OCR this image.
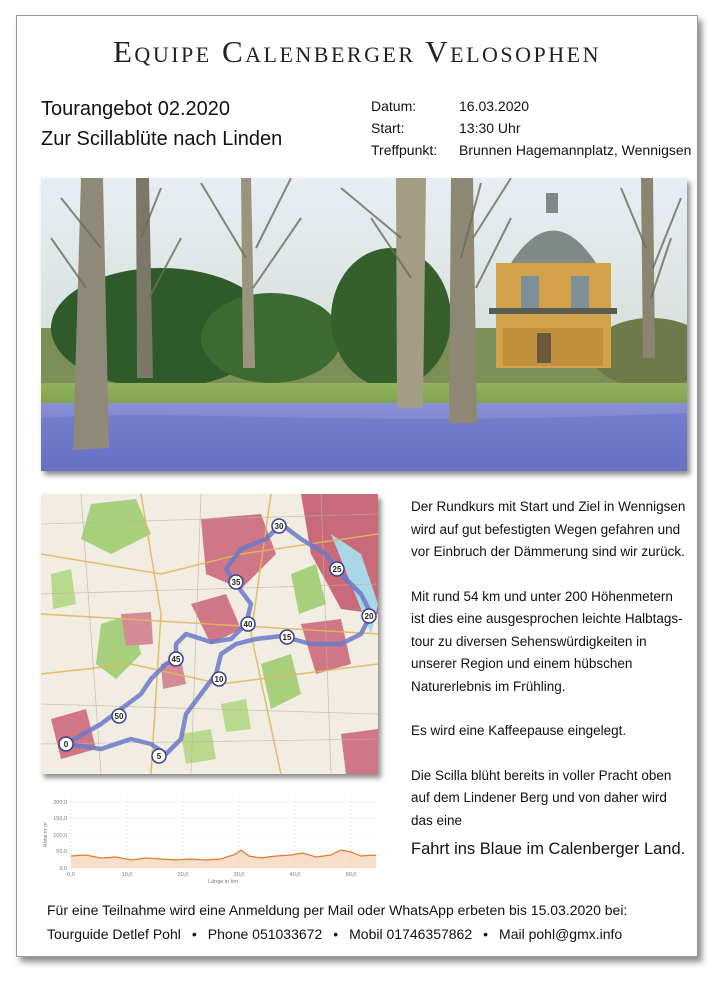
Equipe Calenberger Velosophen
Tourangebot 02.2020
Zur Scillablüte nach Linden
Datum:	16.03.2020
Start:	13:30 Uhr
Treffpunkt:	Brunnen Hagemannplatz, Wennigsen
0
5
10
15
20
25
30
35
40
45
50
200,0
150,0
100,0
50,0
0,0
0,0	10,0	20,0	30,0	40,0	50,0
Länge in km
Höhe in m

Der Rundkurs mit Start und Ziel in Wennigsen wird auf gut befestigten Wegen gefahren und vor Einbruch der Dämmerung sind wir zurück.

Mit rund 54 km und unter 200 Höhenmetern ist dies eine ausgesprochen leichte Halbtags-tour zu diversen Sehenswürdigkeiten in unserer Region und einem hübschen Naturerlebnis im Frühling.

Es wird eine Kaffeepause eingelegt.

Die Scilla blüht bereits in voller Pracht oben auf dem Lindener Berg und von daher wird das eine

Fahrt ins Blaue im Calenberger Land.
Für eine Teilnahme wird eine Anmeldung per Mail oder WhatsApp erbeten bis 15.03.2020 bei:
Tourguide Detlef Pohl • Phone 051033672 • Mobil 01746357862 • Mail pohl@gmx.info
